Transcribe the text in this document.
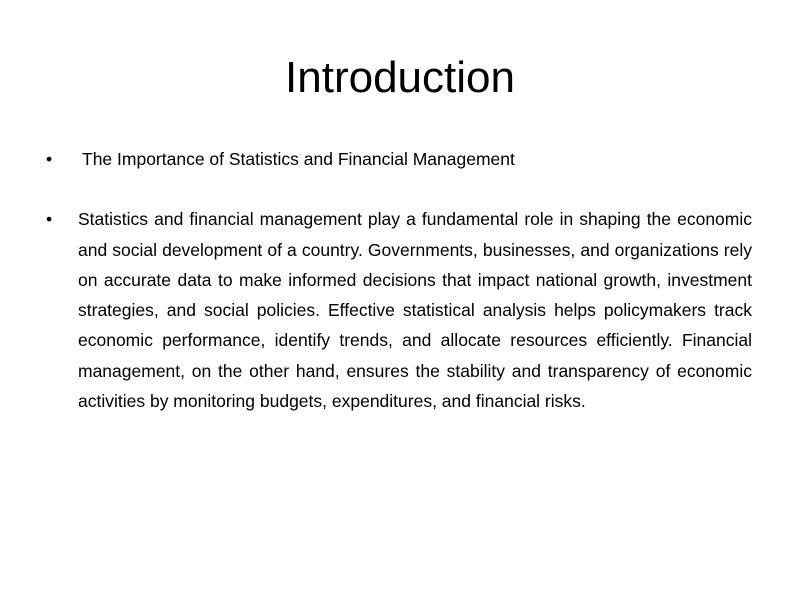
Introduction
•	The Importance of Statistics and Financial Management
•	Statistics and financial management play a fundamental role in shaping the economic and social development of a country. Governments, businesses, and organizations rely on accurate data to make informed decisions that impact national growth, investment strategies, and social policies. Effective statistical analysis helps policymakers track economic performance, identify trends, and allocate resources efficiently. Financial management, on the other hand, ensures the stability and transparency of economic activities by monitoring budgets, expenditures, and financial risks.
